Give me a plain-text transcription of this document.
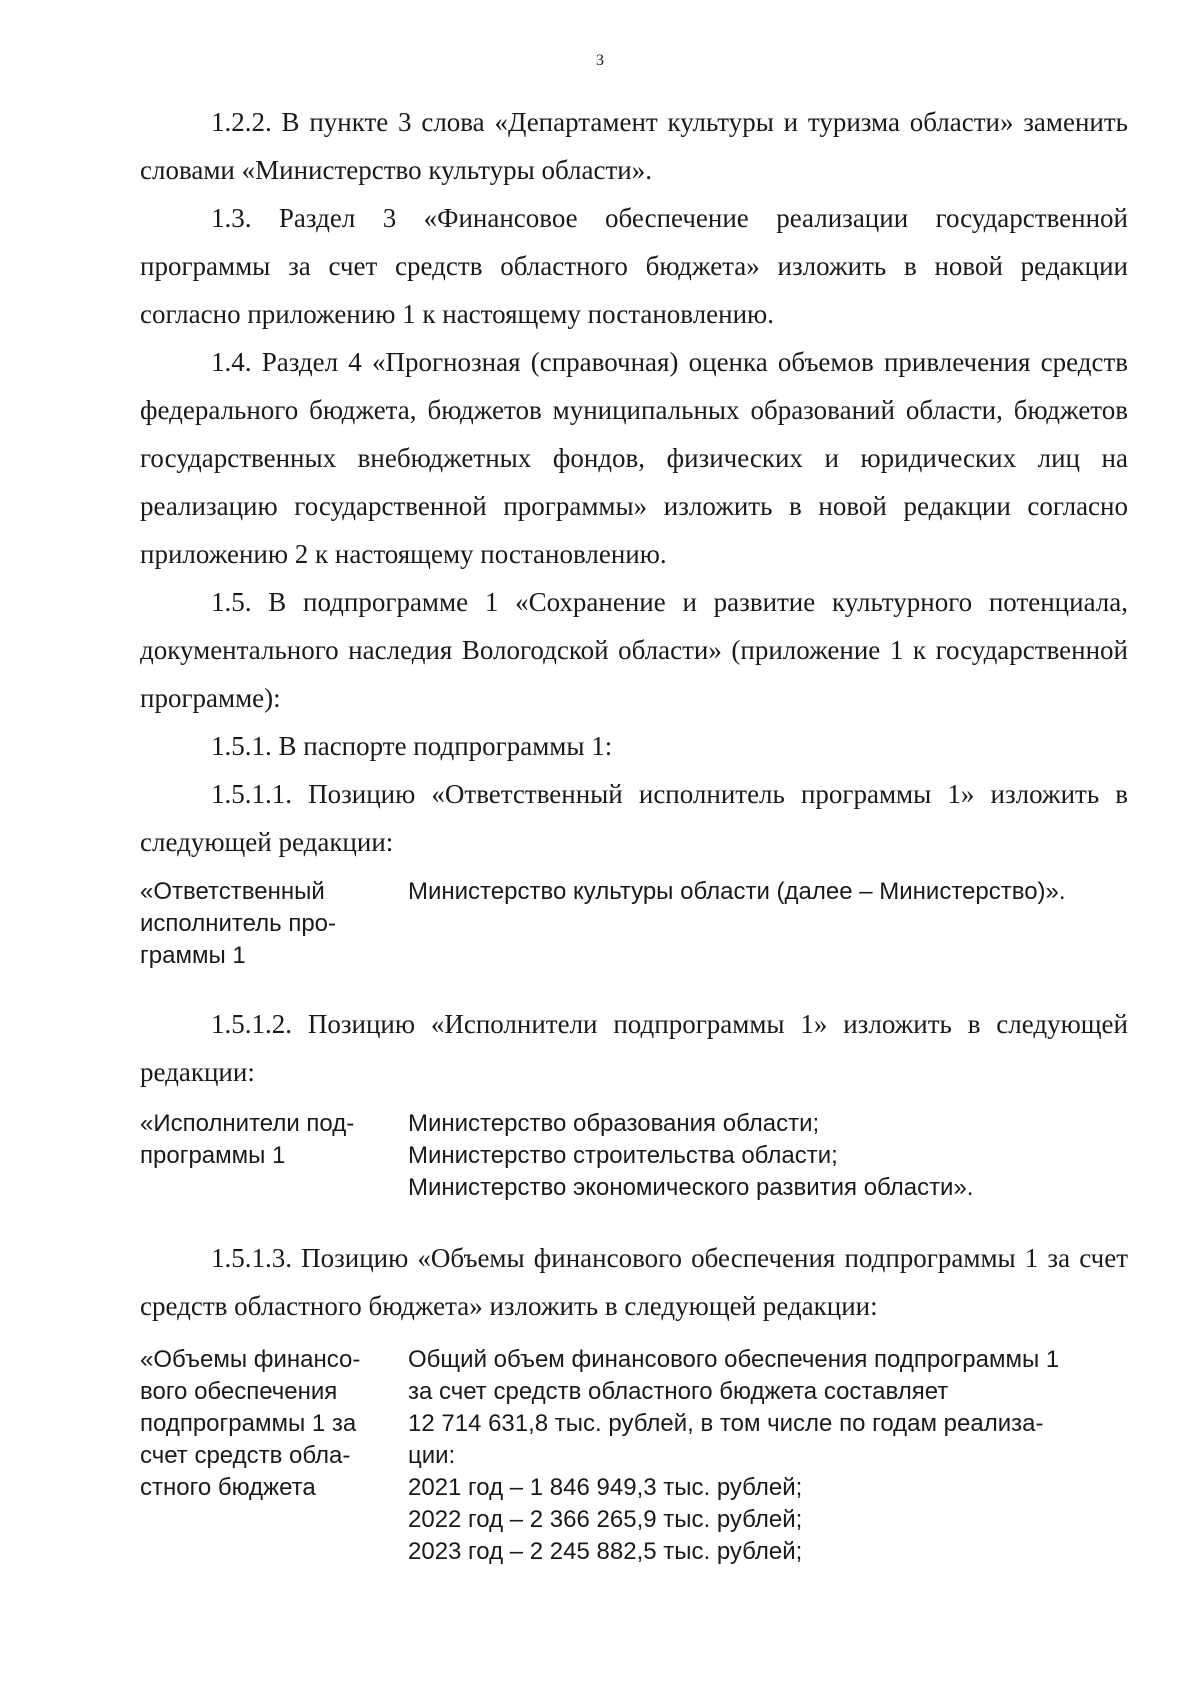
3

1.2.2. В пункте 3 слова «Департамент культуры и туризма области» заменить словами «Министерство культуры области».

1.3. Раздел 3 «Финансовое обеспечение реализации государственной программы за счет средств областного бюджета» изложить в новой редакции согласно приложению 1 к настоящему постановлению.

1.4. Раздел 4 «Прогнозная (справочная) оценка объемов привлечения средств федерального бюджета, бюджетов муниципальных образований области, бюджетов государственных внебюджетных фондов, физических и юридических лиц на реализацию государственной программы» изложить в новой редакции согласно приложению 2 к настоящему постановлению.

1.5. В подпрограмме 1 «Сохранение и развитие культурного потенциала, документального наследия Вологодской области» (приложение 1 к государственной программе):

1.5.1. В паспорте подпрограммы 1:

1.5.1.1. Позицию «Ответственный исполнитель программы 1» изложить в следующей редакции:

«Ответственный
исполнитель про-
граммы 1
Министерство культуры области (далее – Министерство)».

1.5.1.2. Позицию «Исполнители подпрограммы 1» изложить в следующей редакции:

«Исполнители под-
программы 1
Министерство образования области;
Министерство строительства области;
Министерство экономического развития области».

1.5.1.3. Позицию «Объемы финансового обеспечения подпрограммы 1 за счет средств областного бюджета» изложить в следующей редакции:

«Объемы финансо-
вого обеспечения
подпрограммы 1 за
счет средств обла-
стного бюджета
Общий объем финансового обеспечения подпрограммы 1
за счет средств областного бюджета составляет
12 714 631,8 тыс. рублей, в том числе по годам реализа-
ции:
2021 год – 1 846 949,3 тыс. рублей;
2022 год – 2 366 265,9 тыс. рублей;
2023 год – 2 245 882,5 тыс. рублей;
